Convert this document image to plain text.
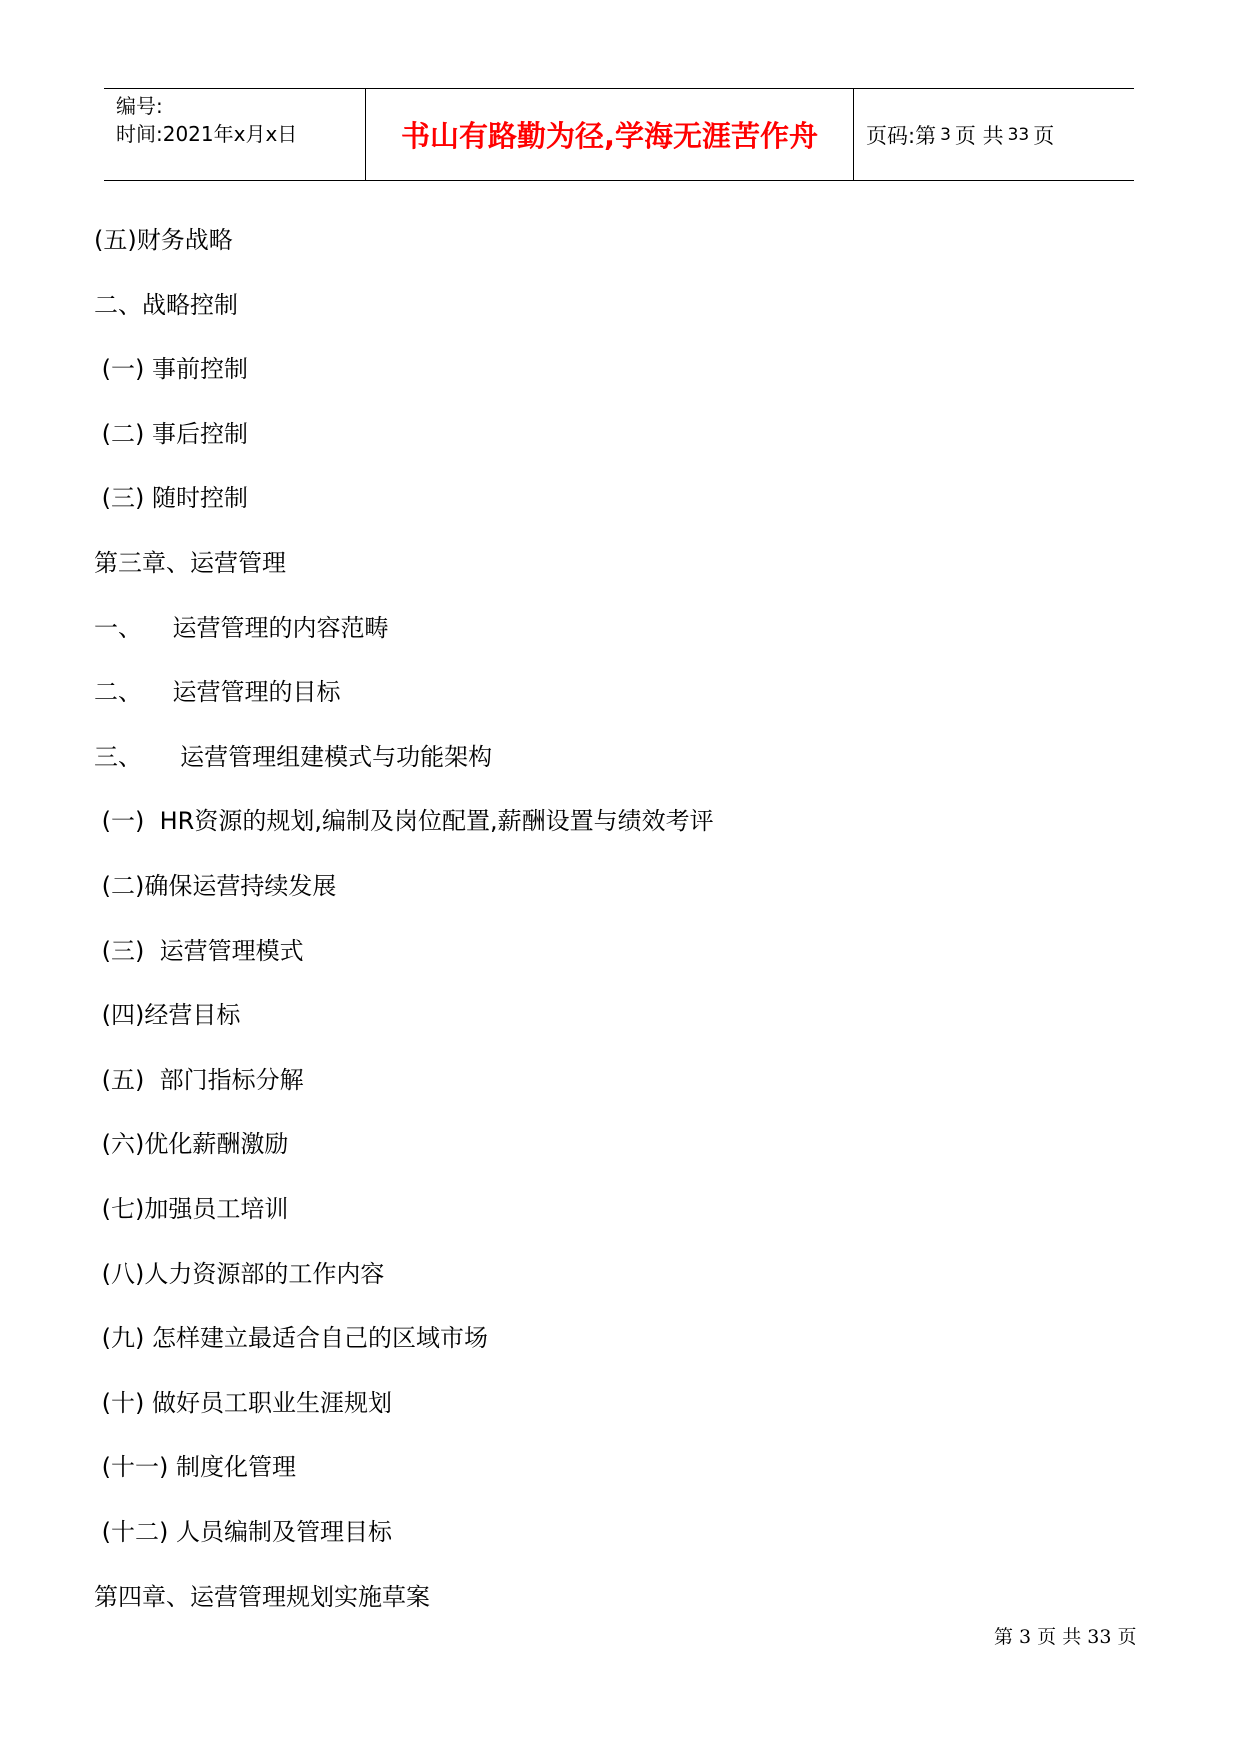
编号:
时间:2021年x月x日	书山有路勤为径,学海无涯苦作舟 页码:第 3 页 共 33 页
(五)财务战略
二、战略控制
(一) 事前控制
(二) 事后控制
(三) 随时控制
第三章、运营管理
一、    运营管理的内容范畴
二、    运营管理的目标
三、     运营管理组建模式与功能架构
(一)  HR资源的规划,编制及岗位配置,薪酬设置与绩效考评
(二)确保运营持续发展
(三)  运营管理模式
(四)经营目标
(五)  部门指标分解
(六)优化薪酬激励
(七)加强员工培训
(八)人力资源部的工作内容
(九) 怎样建立最适合自己的区域市场
(十) 做好员工职业生涯规划
(十一) 制度化管理
(十二) 人员编制及管理目标
第四章、运营管理规划实施草案
第 3 页 共 33 页
